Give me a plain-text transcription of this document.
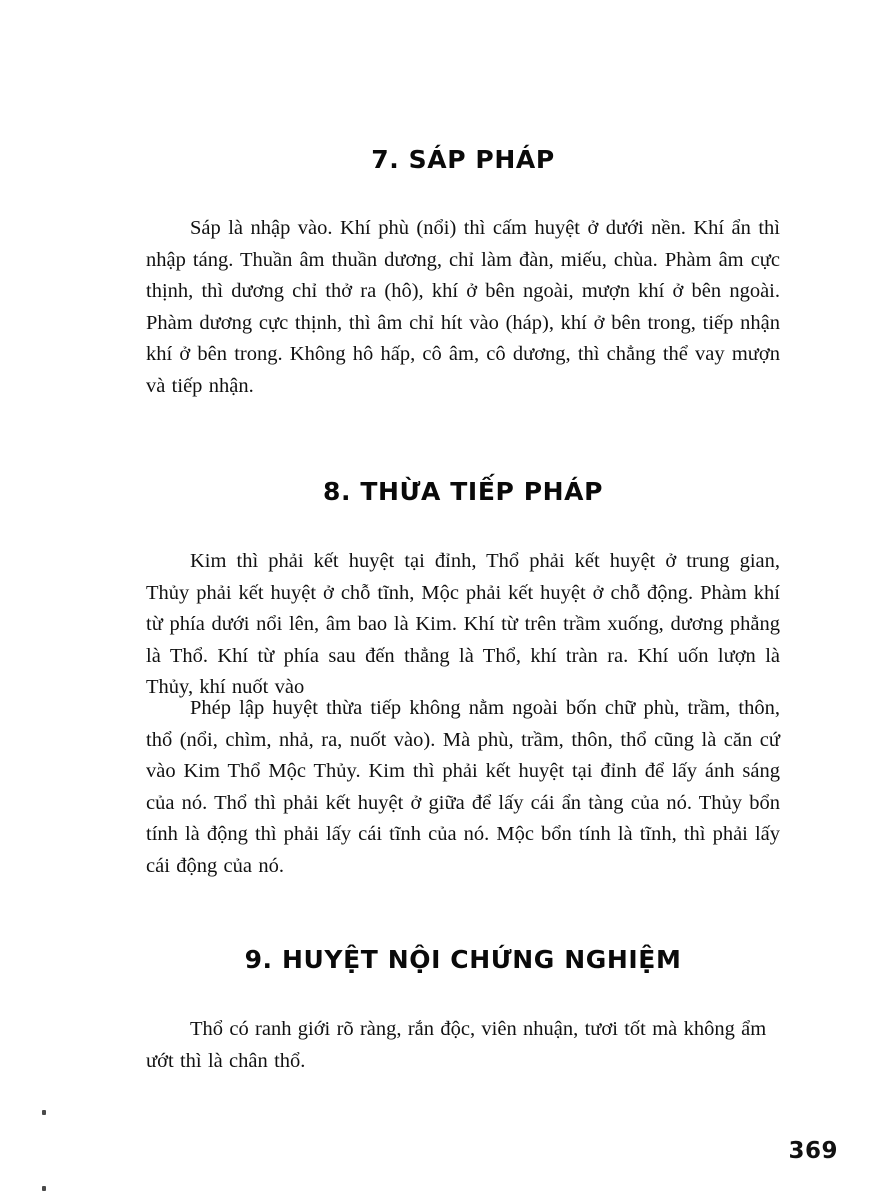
7. SÁP PHÁP

Sáp là nhập vào. Khí phù (nổi) thì cấm huyệt ở dưới nền. Khí ẩn thì nhập táng. Thuần âm thuần dương, chỉ làm đàn, miếu, chùa. Phàm âm cực thịnh, thì dương chỉ thở ra (hô), khí ở bên ngoài, mượn khí ở bên ngoài. Phàm dương cực thịnh, thì âm chỉ hít vào (háp), khí ở bên trong, tiếp nhận khí ở bên trong. Không hô hấp, cô âm, cô dương, thì chẳng thể vay mượn và tiếp nhận.

8. THỪA TIẾP PHÁP

Kim thì phải kết huyệt tại đỉnh, Thổ phải kết huyệt ở trung gian, Thủy phải kết huyệt ở chỗ tĩnh, Mộc phải kết huyệt ở chỗ động. Phàm khí từ phía dưới nổi lên, âm bao là Kim. Khí từ trên trầm xuống, dương phẳng là Thổ. Khí từ phía sau đến thẳng là Thổ, khí tràn ra. Khí uốn lượn là Thủy, khí nuốt vào

Phép lập huyệt thừa tiếp không nằm ngoài bốn chữ phù, trầm, thôn, thổ (nổi, chìm, nhả, ra, nuốt vào). Mà phù, trầm, thôn, thổ cũng là căn cứ vào Kim Thổ Mộc Thủy. Kim thì phải kết huyệt tại đỉnh để lấy ánh sáng của nó. Thổ thì phải kết huyệt ở giữa để lấy cái ẩn tàng của nó. Thủy bổn tính là động thì phải lấy cái tĩnh của nó. Mộc bổn tính là tĩnh, thì phải lấy cái động của nó.

9. HUYỆT NỘI CHỨNG NGHIỆM

Thổ có ranh giới rõ ràng, rắn độc, viên nhuận, tươi tốt mà không ẩm ướt thì là chân thổ.

369
